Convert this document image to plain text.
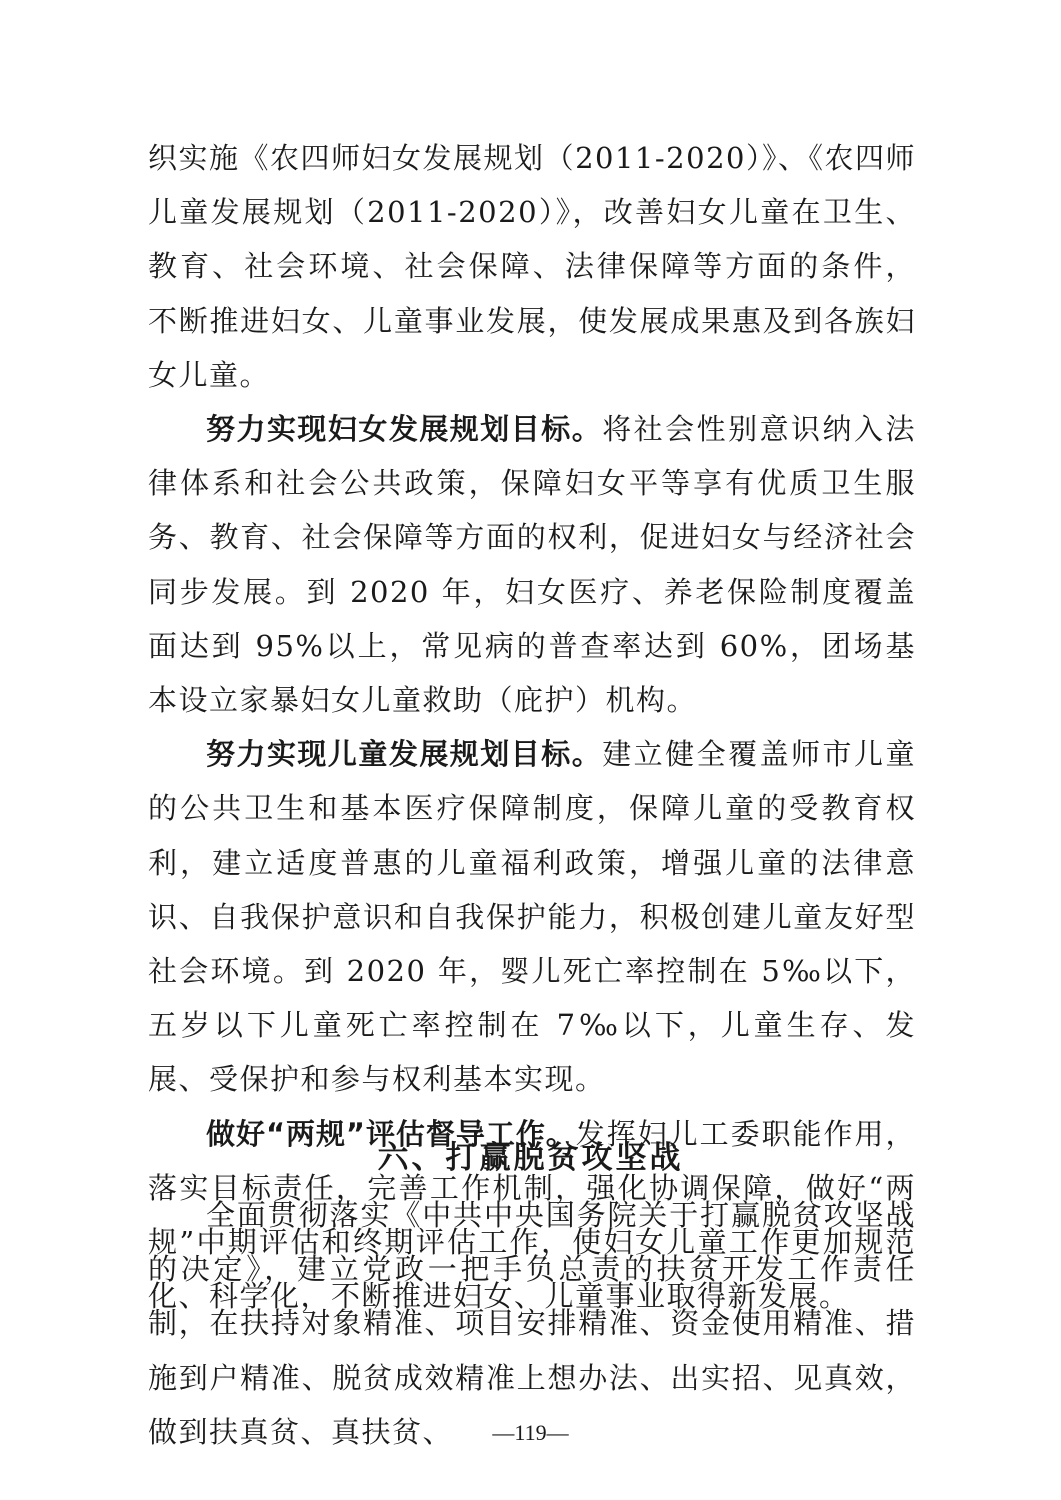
织实施《农四师妇女发展规划（2011-2020）》、《农四师儿童发展规划（2011-2020）》，改善妇女儿童在卫生、教育、社会环境、社会保障、法律保障等方面的条件， 不断推进妇女、儿童事业发展，使发展成果惠及到各族妇女儿童。

努力实现妇女发展规划目标。将社会性别意识纳入法律体系和社会公共政策，保障妇女平等享有优质卫生服务、教育、社会保障等方面的权利，促进妇女与经济社会同步发展。到 2020 年，妇女医疗、养老保险制度覆盖面达到 95%以上，常见病的普查率达到 60%，团场基本设立家暴妇女儿童救助（庇护）机构。

努力实现儿童发展规划目标。建立健全覆盖师市儿童的公共卫生和基本医疗保障制度，保障儿童的受教育权利，建立适度普惠的儿童福利政策，增强儿童的法律意识、自我保护意识和自我保护能力，积极创建儿童友好型社会环境。到 2020 年，婴儿死亡率控制在 5‰以下，五岁以下儿童死亡率控制在 7‰以下，儿童生存、发展、受保护和参与权利基本实现。

做好“两规”评估督导工作。发挥妇儿工委职能作用，落实目标责任，完善工作机制，强化协调保障，做好“两规”中期评估和终期评估工作，使妇女儿童工作更加规范化、科学化，不断推进妇女、儿童事业取得新发展。

六、打赢脱贫攻坚战

全面贯彻落实《中共中央国务院关于打赢脱贫攻坚战的决定》，建立党政一把手负总责的扶贫开发工作责任制，在扶持对象精准、项目安排精准、资金使用精准、措施到户精准、脱贫成效精准上想办法、出实招、见真效，做到扶真贫、真扶贫、	—119—
